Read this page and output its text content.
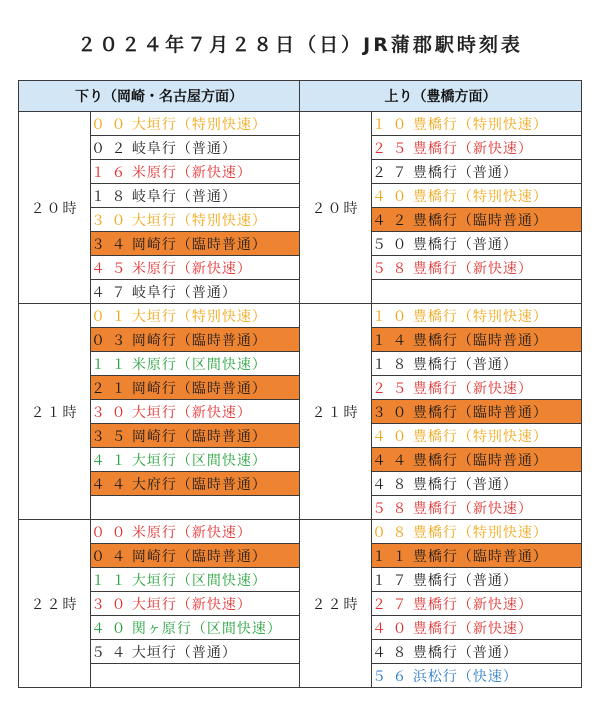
２０２４年７月２８日（日）JR蒲郡駅時刻表
下り（岡崎・名古屋方面）		上り（豊橋方面）	
２０時	０ ０ 大垣行（特別快速）	２０時	１ ０ 豊橋行（特別快速）
	０ ２ 岐阜行（普通）		２ ５ 豊橋行（新快速）
	１ ６ 米原行（新快速）		２ ７ 豊橋行（普通）
	１ ８ 岐阜行（普通）		４ ０ 豊橋行（特別快速）
	３ ０ 大垣行（特別快速）		４ ２ 豊橋行（臨時普通）
	３ ４ 岡崎行（臨時普通）		５ ０ 豊橋行（普通）
	４ ５ 米原行（新快速）		５ ８ 豊橋行（新快速）
	４ ７ 岐阜行（普通）		
２１時	０ １ 大垣行（特別快速）	２１時	１ ０ 豊橋行（特別快速）
	０ ３ 岡崎行（臨時普通）		１ ４ 豊橋行（臨時普通）
	１ １ 米原行（区間快速）		１ ８ 豊橋行（普通）
	２ １ 岡崎行（臨時普通）		２ ５ 豊橋行（新快速）
	３ ０ 大垣行（新快速）		３ ０ 豊橋行（臨時普通）
	３ ５ 岡崎行（臨時普通）		４ ０ 豊橋行（特別快速）
	４ １ 大垣行（区間快速）		４ ４ 豊橋行（臨時普通）
	４ ４ 大府行（臨時普通）		４ ８ 豊橋行（普通）
			５ ８ 豊橋行（新快速）
２２時	０ ０ 米原行（新快速）	２２時	０ ８ 豊橋行（特別快速）
	０ ４ 岡崎行（臨時普通）		１ １ 豊橋行（臨時普通）
	１ １ 大垣行（区間快速）		１ ７ 豊橋行（普通）
	３ ０ 大垣行（新快速）		２ ７ 豊橋行（新快速）
	４ ０ 関ヶ原行（区間快速）		４ ０ 豊橋行（新快速）
	５ ４ 大垣行（普通）		４ ８ 豊橋行（普通）
			５ ６ 浜松行（快速）
